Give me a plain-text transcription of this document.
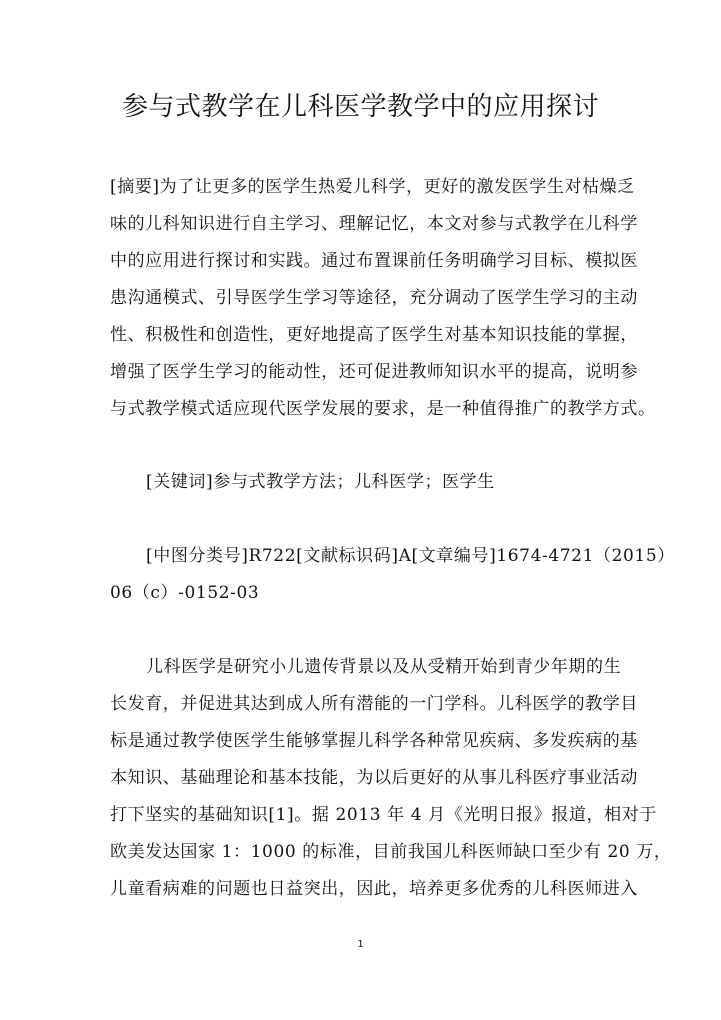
参与式教学在儿科医学教学中的应用探讨
[摘要]为了让更多的医学生热爱儿科学，更好的激发医学生对枯燥乏
味的儿科知识进行自主学习、理解记忆，本文对参与式教学在儿科学
中的应用进行探讨和实践。通过布置课前任务明确学习目标、模拟医
患沟通模式、引导医学生学习等途径，充分调动了医学生学习的主动
性、积极性和创造性，更好地提高了医学生对基本知识技能的掌握，
增强了医学生学习的能动性，还可促进教师知识水平的提高，说明参
与式教学模式适应现代医学发展的要求，是一种值得推广的教学方式。
[关键词]参与式教学方法；儿科医学；医学生
[中图分类号]R722[文献标识码]A[文章编号]1674-4721（2015）
06（c）-0152-03
儿科医学是研究小儿遗传背景以及从受精开始到青少年期的生
长发育，并促进其达到成人所有潜能的一门学科。儿科医学的教学目
标是通过教学使医学生能够掌握儿科学各种常见疾病、多发疾病的基
本知识、基础理论和基本技能，为以后更好的从事儿科医疗事业活动
打下坚实的基础知识[1]。据 2013 年 4 月《光明日报》报道，相对于
欧美发达国家 1：1000 的标准，目前我国儿科医师缺口至少有 20 万，
儿童看病难的问题也日益突出，因此，培养更多优秀的儿科医师进入
1
